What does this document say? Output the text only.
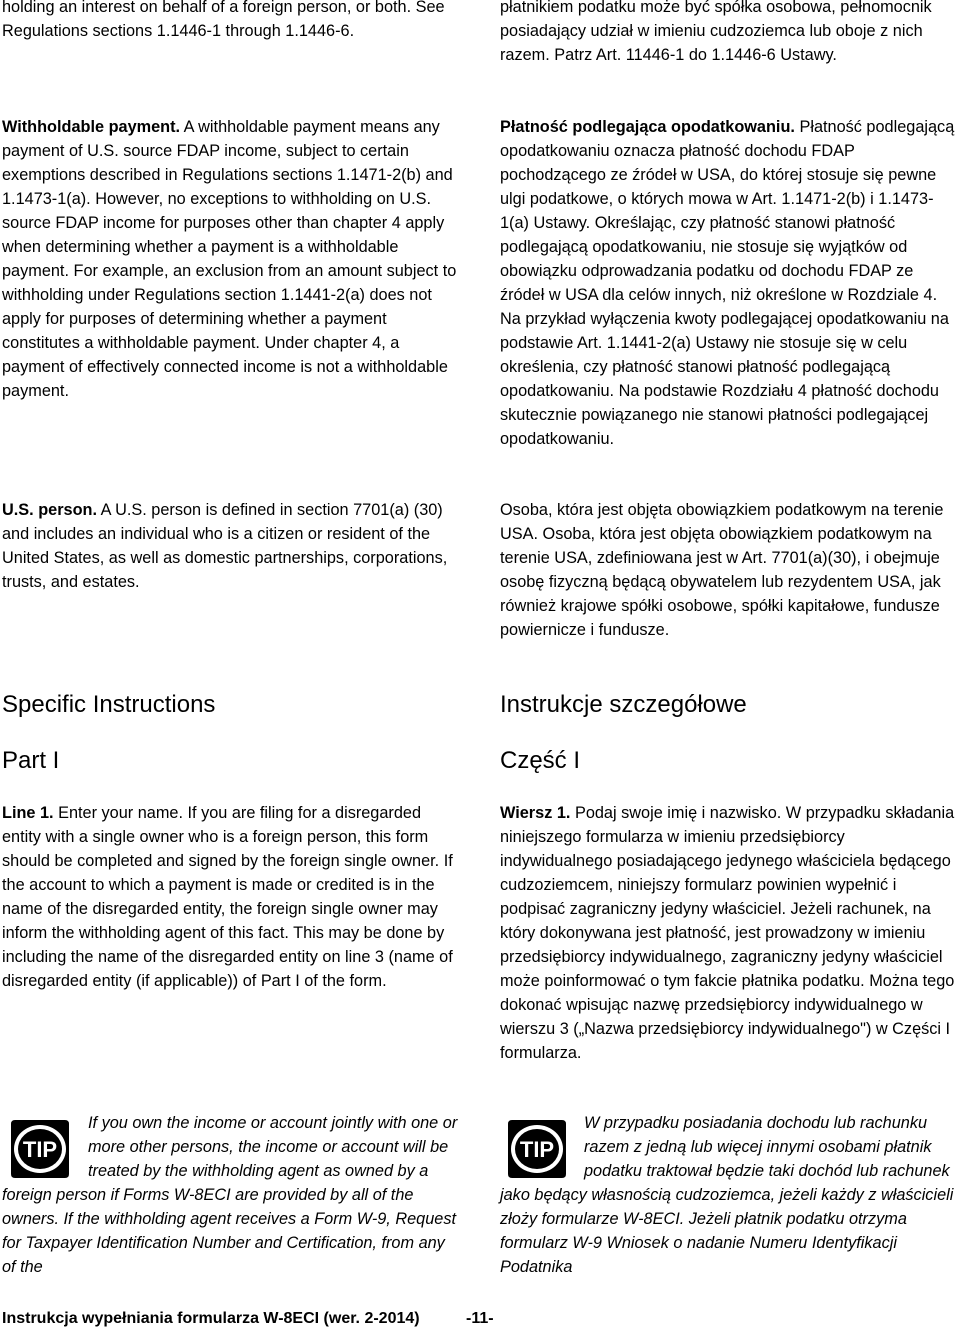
holding an interest on behalf of a foreign person, or both. See Regulations sections 1.1446-1 through 1.1446-6.

Withholdable payment. A withholdable payment means any payment of U.S. source FDAP income, subject to certain exemptions described in Regulations sections 1.1471-2(b) and 1.1473-1(a). However, no exceptions to withholding on U.S. source FDAP income for purposes other than chapter 4 apply when determining whether a payment is a withholdable payment. For example, an exclusion from an amount subject to withholding under Regulations section 1.1441-2(a) does not apply for purposes of determining whether a payment constitutes a withholdable payment. Under chapter 4, a payment of effectively connected income is not a withholdable payment.

U.S. person. A U.S. person is defined in section 7701(a) (30) and includes an individual who is a citizen or resident of the United States, as well as domestic partnerships, corporations, trusts, and estates.

Specific Instructions
Part I

Line 1. Enter your name. If you are filing for a disregarded entity with a single owner who is a foreign person, this form should be completed and signed by the foreign single owner. If the account to which a payment is made or credited is in the name of the disregarded entity, the foreign single owner may inform the withholding agent of this fact. This may be done by including the name of the disregarded entity on line 3 (name of disregarded entity (if applicable)) of Part I of the form.

TIP

If you own the income or account jointly with one or more other persons, the income or account will be treated by the withholding agent as owned by a foreign person if Forms W-8ECI are provided by all of the owners. If the withholding agent receives a Form W-9, Request for Taxpayer Identification Number and Certification, from any of the

płatnikiem podatku może być spółka osobowa, pełnomocnik posiadający udział w imieniu cudzoziemca lub oboje z nich razem. Patrz Art. 11446-1 do 1.1446-6 Ustawy.

Płatność podlegająca opodatkowaniu. Płatność podlegającą opodatkowaniu oznacza płatność dochodu FDAP pochodzącego ze źródeł w USA, do której stosuje się pewne ulgi podatkowe, o których mowa w Art. 1.1471-2(b) i 1.1473-1(a) Ustawy. Określając, czy płatność stanowi płatność podlegającą opodatkowaniu, nie stosuje się wyjątków od obowiązku odprowadzania podatku od dochodu FDAP ze źródeł w USA dla celów innych, niż określone w Rozdziale 4. Na przykład wyłączenia kwoty podlegającej opodatkowaniu na podstawie Art. 1.1441-2(a) Ustawy nie stosuje się w celu określenia, czy płatność stanowi płatność podlegającą opodatkowaniu. Na podstawie Rozdziału 4 płatność dochodu skutecznie powiązanego nie stanowi płatności podlegającej opodatkowaniu.

Osoba, która jest objęta obowiązkiem podatkowym na terenie USA. Osoba, która jest objęta obowiązkiem podatkowym na terenie USA, zdefiniowana jest w Art. 7701(a)(30), i obejmuje osobę fizyczną będącą obywatelem lub rezydentem USA, jak również krajowe spółki osobowe, spółki kapitałowe, fundusze powiernicze i fundusze.

Instrukcje szczegółowe
Część I

Wiersz 1. Podaj swoje imię i nazwisko. W przypadku składania niniejszego formularza w imieniu przedsiębiorcy indywidualnego posiadającego jedynego właściciela będącego cudzoziemcem, niniejszy formularz powinien wypełnić i podpisać zagraniczny jedyny właściciel. Jeżeli rachunek, na który dokonywana jest płatność, jest prowadzony w imieniu przedsiębiorcy indywidualnego, zagraniczny jedyny właściciel może poinformować o tym fakcie płatnika podatku. Można tego dokonać wpisując nazwę przedsiębiorcy indywidualnego w wierszu 3 („Nazwa przedsiębiorcy indywidualnego") w Części I formularza.

TIP

W przypadku posiadania dochodu lub rachunku razem z jedną lub więcej innymi osobami płatnik podatku traktował będzie taki dochód lub rachunek jako będący własnością cudzoziemca, jeżeli każdy z właścicieli złoży formularze W-8ECI. Jeżeli płatnik podatku otrzyma formularz W-9 Wniosek o nadanie Numeru Identyfikacji Podatnika

Instrukcja wypełniania formularza W-8ECI (wer. 2-2014)	-11-
